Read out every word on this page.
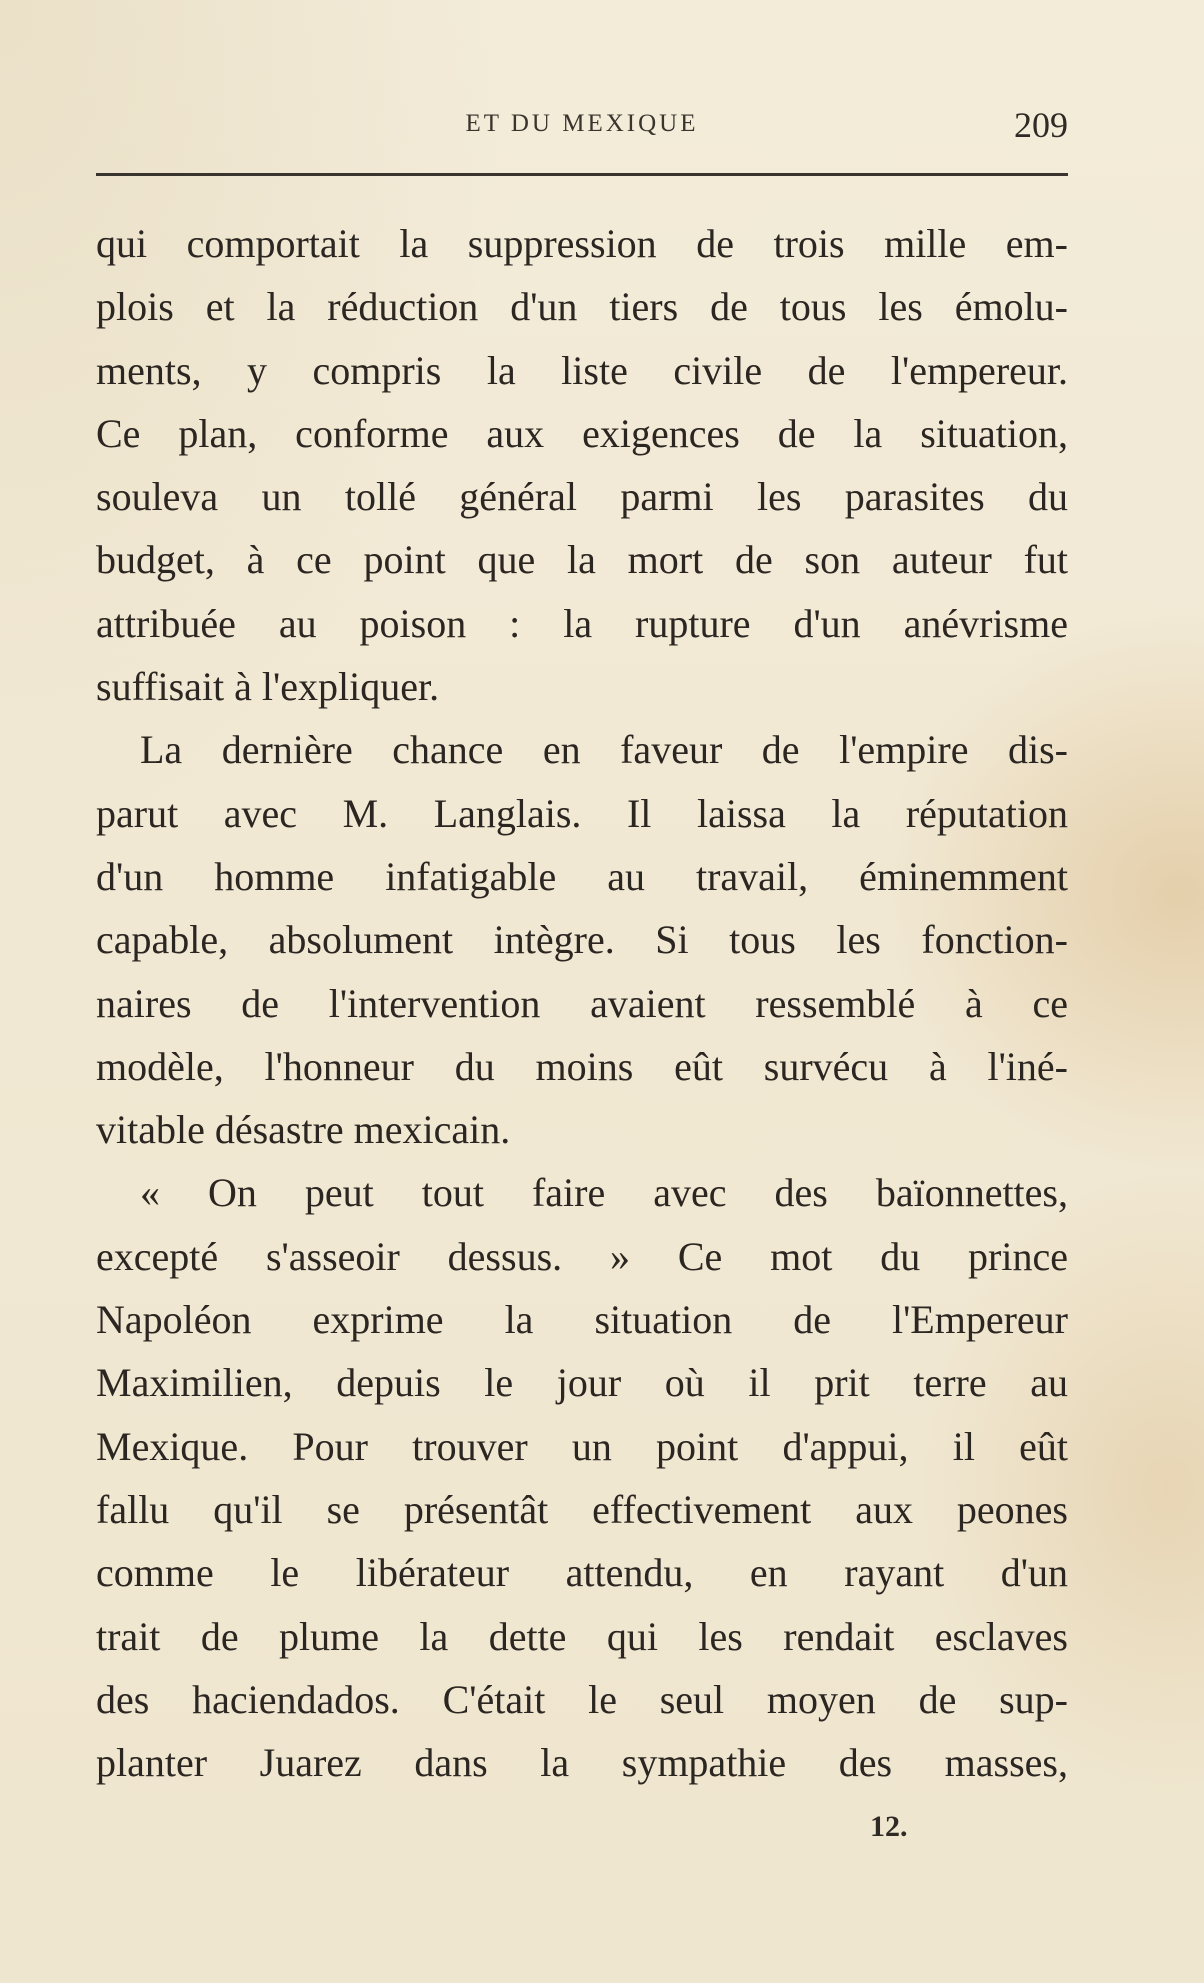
ET DU MEXIQUE	209
qui comportait la suppression de trois mille em-
plois et la réduction d'un tiers de tous les émolu-
ments, y compris la liste civile de l'empereur.
Ce plan, conforme aux exigences de la situation,
souleva un tollé général parmi les parasites du
budget, à ce point que la mort de son auteur fut
attribuée au poison : la rupture d'un anévrisme
suffisait à l'expliquer.
La dernière chance en faveur de l'empire dis-
parut avec M. Langlais. Il laissa la réputation
d'un homme infatigable au travail, éminemment
capable, absolument intègre. Si tous les fonction-
naires de l'intervention avaient ressemblé à ce
modèle, l'honneur du moins eût survécu à l'iné-
vitable désastre mexicain.
« On peut tout faire avec des baïonnettes,
excepté s'asseoir dessus. » Ce mot du prince
Napoléon exprime la situation de l'Empereur
Maximilien, depuis le jour où il prit terre au
Mexique. Pour trouver un point d'appui, il eût
fallu qu'il se présentât effectivement aux peones
comme le libérateur attendu, en rayant d'un
trait de plume la dette qui les rendait esclaves
des haciendados. C'était le seul moyen de sup-
planter Juarez dans la sympathie des masses,
12.
